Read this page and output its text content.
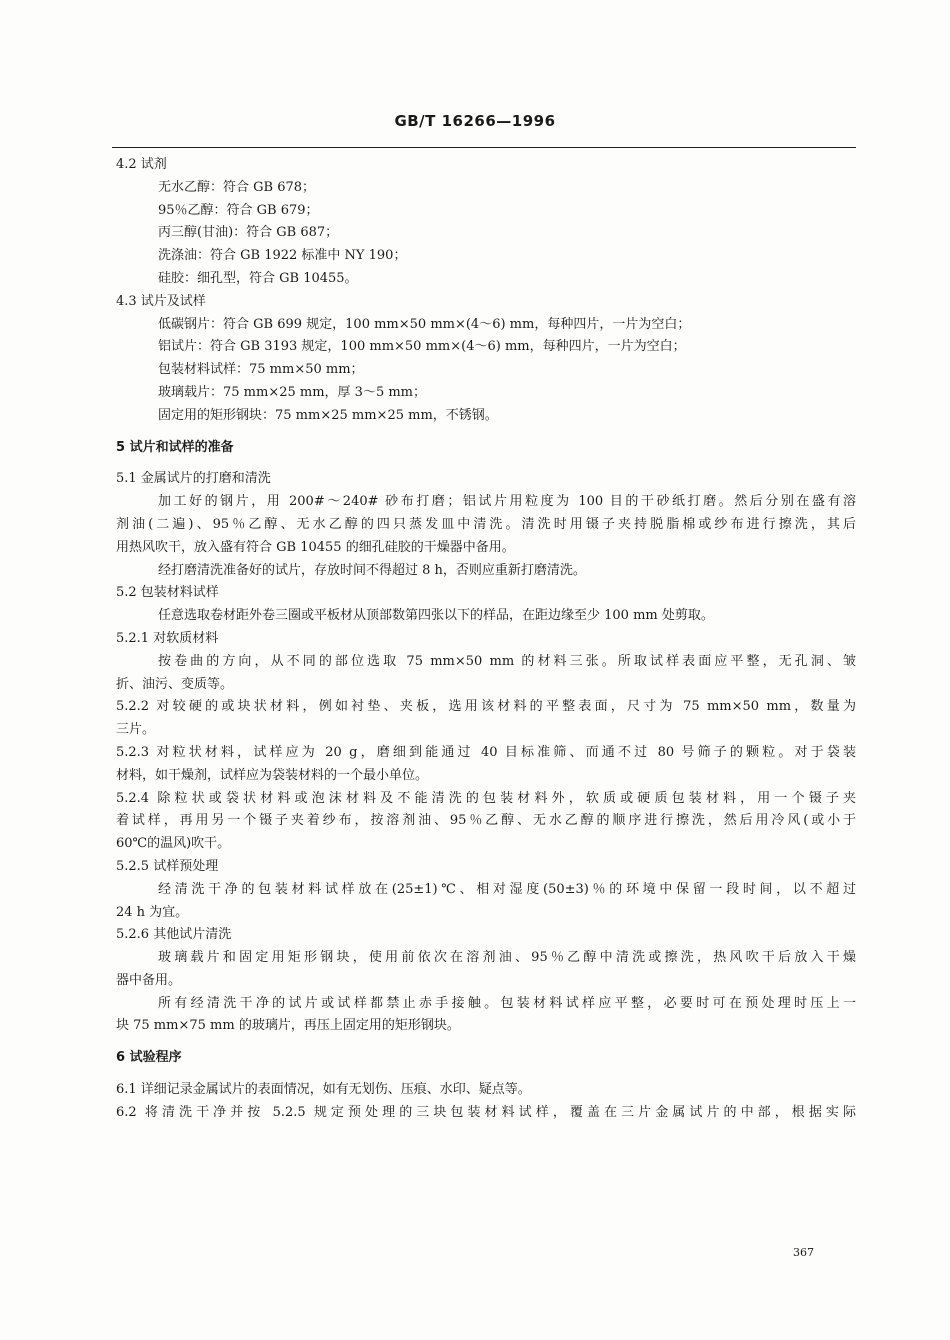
GB/T 16266—1996
4.2 试剂
无水乙醇：符合 GB 678；
95％乙醇：符合 GB 679；
丙三醇(甘油)：符合 GB 687；
洗涤油：符合 GB 1922 标准中 NY 190；
硅胶：细孔型，符合 GB 10455。
4.3 试片及试样
低碳钢片：符合 GB 699 规定，100 mm×50 mm×(4～6) mm，每种四片，一片为空白；
铝试片：符合 GB 3193 规定，100 mm×50 mm×(4～6) mm，每种四片，一片为空白；
包装材料试样：75 mm×50 mm；
玻璃载片：75 mm×25 mm，厚 3～5 mm；
固定用的矩形钢块：75 mm×25 mm×25 mm，不锈钢。
5 试片和试样的准备
5.1 金属试片的打磨和清洗
加工好的钢片，用 200#～240# 砂布打磨；铝试片用粒度为 100 目的干砂纸打磨。然后分别在盛有溶
剂油(二遍)、95％乙醇、无水乙醇的四只蒸发皿中清洗。清洗时用镊子夹持脱脂棉或纱布进行擦洗，其后
用热风吹干，放入盛有符合 GB 10455 的细孔硅胶的干燥器中备用。
经打磨清洗准备好的试片，存放时间不得超过 8 h，否则应重新打磨清洗。
5.2 包装材料试样
任意选取卷材距外卷三圈或平板材从顶部数第四张以下的样品，在距边缘至少 100 mm 处剪取。
5.2.1 对软质材料
按卷曲的方向，从不同的部位选取 75 mm×50 mm 的材料三张。所取试样表面应平整，无孔洞、皱
折、油污、变质等。
5.2.2 对较硬的或块状材料，例如衬垫、夹板，选用该材料的平整表面，尺寸为 75 mm×50 mm，数量为
三片。
5.2.3 对粒状材料，试样应为 20 g，磨细到能通过 40 目标准筛、而通不过 80 号筛子的颗粒。对于袋装
材料，如干燥剂，试样应为袋装材料的一个最小单位。
5.2.4 除粒状或袋状材料或泡沫材料及不能清洗的包装材料外，软质或硬质包装材料，用一个镊子夹
着试样，再用另一个镊子夹着纱布，按溶剂油、95％乙醇、无水乙醇的顺序进行擦洗，然后用冷风(或小于
60℃的温风)吹干。
5.2.5 试样预处理
经清洗干净的包装材料试样放在(25±1)℃、相对湿度(50±3)％的环境中保留一段时间，以不超过
24 h 为宜。
5.2.6 其他试片清洗
玻璃载片和固定用矩形钢块，使用前依次在溶剂油、95％乙醇中清洗或擦洗，热风吹干后放入干燥
器中备用。
所有经清洗干净的试片或试样都禁止赤手接触。包装材料试样应平整，必要时可在预处理时压上一
块 75 mm×75 mm 的玻璃片，再压上固定用的矩形钢块。
6 试验程序
6.1 详细记录金属试片的表面情况，如有无划伤、压痕、水印、疑点等。
6.2 将清洗干净并按 5.2.5 规定预处理的三块包装材料试样，覆盖在三片金属试片的中部，根据实际
367
